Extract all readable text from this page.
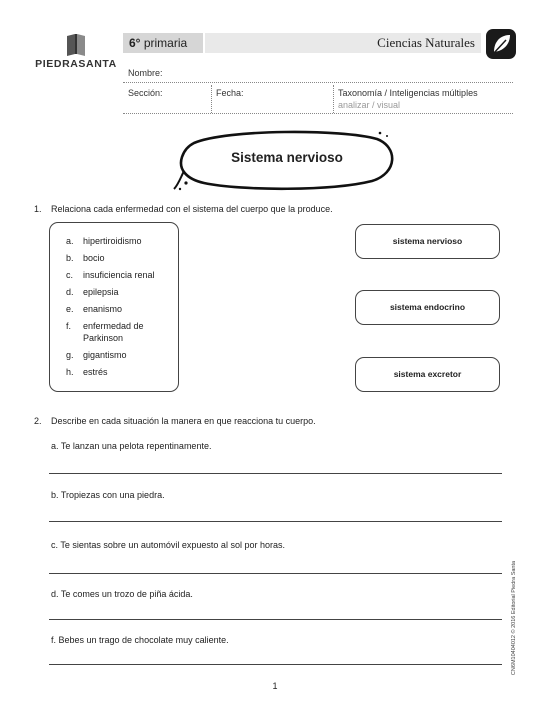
PIEDRASANTA
6° primaria	Ciencias Naturales
Nombre:
Sección:	Fecha:	Taxonomía / Inteligencias múltiples
analizar / visual
Sistema nervioso
1. Relaciona cada enfermedad con el sistema del cuerpo que la produce.
a. hipertiroidismo
b. bocio
c. insuficiencia renal
d. epilepsia
e. enanismo
f. enfermedad de
Parkinson
g. gigantismo
h. estrés
sistema nervioso
sistema endocrino
sistema excretor
2. Describe en cada situación la manera en que reacciona tu cuerpo.
a. Te lanzan una pelota repentinamente.
b. Tropiezas con una piedra.
c. Te sientas sobre un automóvil expuesto al sol por horas.
d. Te comes un trozo de piña ácida.
f. Bebes un trago de chocolate muy caliente.	CN6M10404012 © 2016 Editorial Piedra Santa
1
